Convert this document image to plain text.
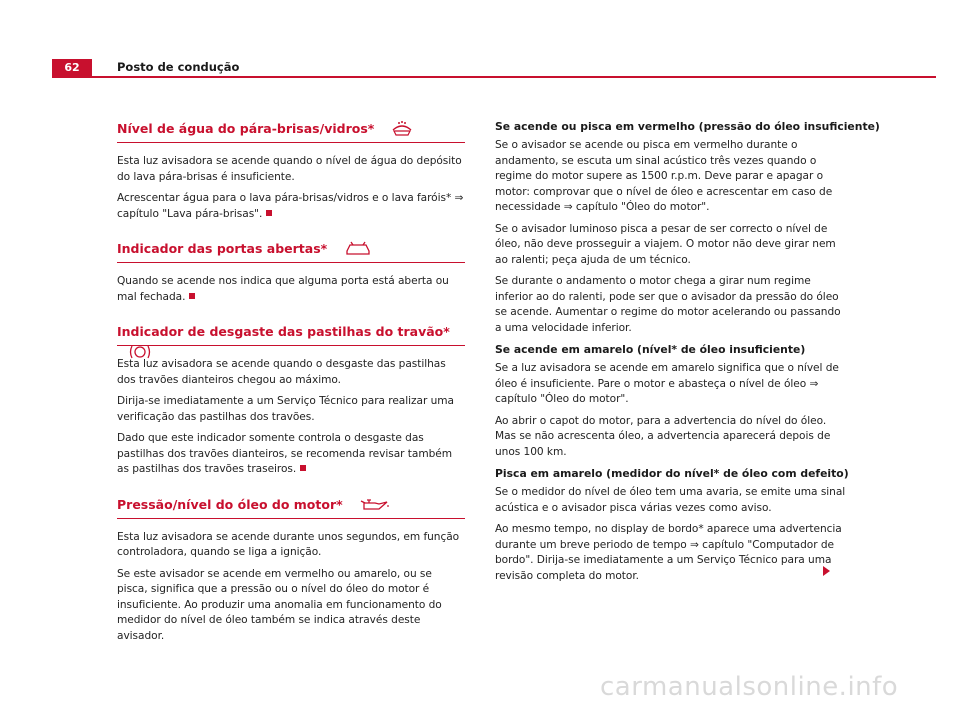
62	Posto de condução
Nível de água do pára-brisas/vidros*

Esta luz avisadora se acende quando o nível de água do depósito do lava pára-brisas é insuficiente.

Acrescentar água para o lava pára-brisas/vidros e o lava faróis* ⇒ capítulo "Lava pára-brisas".

Indicador das portas abertas*

Quando se acende nos indica que alguma porta está aberta ou mal fechada.

Indicador de desgaste das pastilhas do travão*

Esta luz avisadora se acende quando o desgaste das pastilhas dos travões dianteiros chegou ao máximo.

Dirija-se imediatamente a um Serviço Técnico para realizar uma verificação das pastilhas dos travões.

Dado que este indicador somente controla o desgaste das pastilhas dos travões dianteiros, se recomenda revisar também as pastilhas dos travões traseiros.

Pressão/nível do óleo do motor*

Esta luz avisadora se acende durante unos segundos, em função controladora, quando se liga a ignição.

Se este avisador se acende em vermelho ou amarelo, ou se pisca, significa que a pressão ou o nível do óleo do motor é insuficiente. Ao produzir uma anomalia em funcionamento do medidor do nível de óleo também se indica através deste avisador.

Se acende ou pisca em vermelho (pressão do óleo insuficiente)

Se o avisador se acende ou pisca em vermelho durante o andamento, se escuta um sinal acústico três vezes quando o regime do motor supere as 1500 r.p.m. Deve parar e apagar o motor: comprovar que o nível de óleo e acrescentar em caso de necessidade ⇒ capítulo "Óleo do motor".

Se o avisador luminoso pisca a pesar de ser correcto o nível de óleo, não deve prosseguir a viajem. O motor não deve girar nem ao ralenti; peça ajuda de um técnico.

Se durante o andamento o motor chega a girar num regime inferior ao do ralenti, pode ser que o avisador da pressão do óleo se acende. Aumentar o regime do motor acelerando ou passando a uma velocidade inferior.

Se acende em amarelo (nível* de óleo insuficiente)

Se a luz avisadora se acende em amarelo significa que o nível de óleo é insuficiente. Pare o motor e abasteça o nível de óleo ⇒ capítulo "Óleo do motor".

Ao abrir o capot do motor, para a advertencia do nível do óleo. Mas se não acrescenta óleo, a advertencia aparecerá depois de unos 100 km.

Pisca em amarelo (medidor do nível* de óleo com defeito)

Se o medidor do nível de óleo tem uma avaria, se emite uma sinal acústica e o avisador pisca várias vezes como aviso.

Ao mesmo tempo, no display de bordo* aparece uma advertencia durante um breve periodo de tempo ⇒ capítulo "Computador de bordo". Dirija-se imediatamente a um Serviço Técnico para uma revisão completa do motor.

carmanualsonline.info
